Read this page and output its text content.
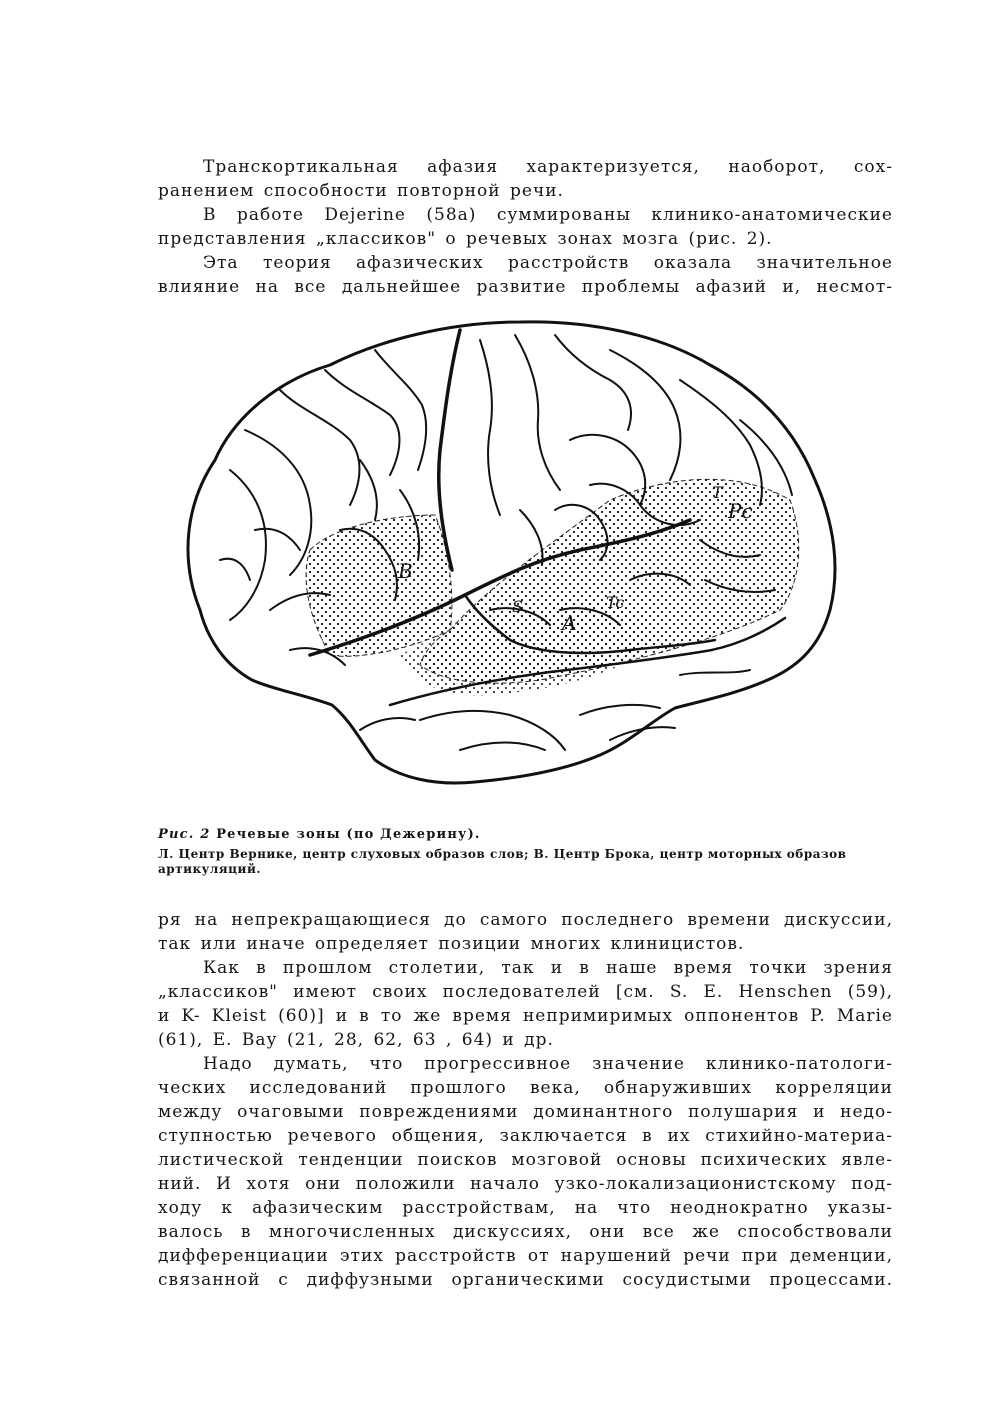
Транскортикальная афазия характеризуется, наоборот, сох-
ранением способности повторной речи.
В работе Dejerine (58а) суммированы клинико-анатомические
представления „классиков" о речевых зонах мозга (рис. 2).
Эта теория афазических расстройств оказала значительное
влияние на все дальнейшее развитие проблемы афазий и, несмот-
B
A
Pc
S	Tc
T
Рис. 2 Речевые зоны (по Дежерину).
Л. Центр Вернике, центр слуховых образов слов; В. Центр Брока, центр моторных образов
артикуляций.
ря на непрекращающиеся до самого последнего времени дискуссии,
так или иначе определяет позиции многих клиницистов.
Как в прошлом столетии, так и в наше время точки зрения
„классиков" имеют своих последователей [см. S. E. Henschen (59),
и K- Kleist (60)] и в то же время непримиримых оппонентов P. Marie
(61), Е. Вау (21, 28, 62, 63 , 64) и др.
Надо думать, что прогрессивное значение клинико-патологи-
ческих исследований прошлого века, обнаруживших корреляции
между очаговыми повреждениями доминантного полушария и недо-
ступностью речевого общения, заключается в их стихийно-материа-
листической тенденции поисков мозговой основы психических явле-
ний. И хотя они положили начало узко-локализационистскому под-
ходу к афазическим расстройствам, на что неоднократно указы-
валось в многочисленных дискуссиях, они все же способствовали
дифференциации этих расстройств от нарушений речи при деменции,
связанной с диффузными органическими сосудистыми процессами.
